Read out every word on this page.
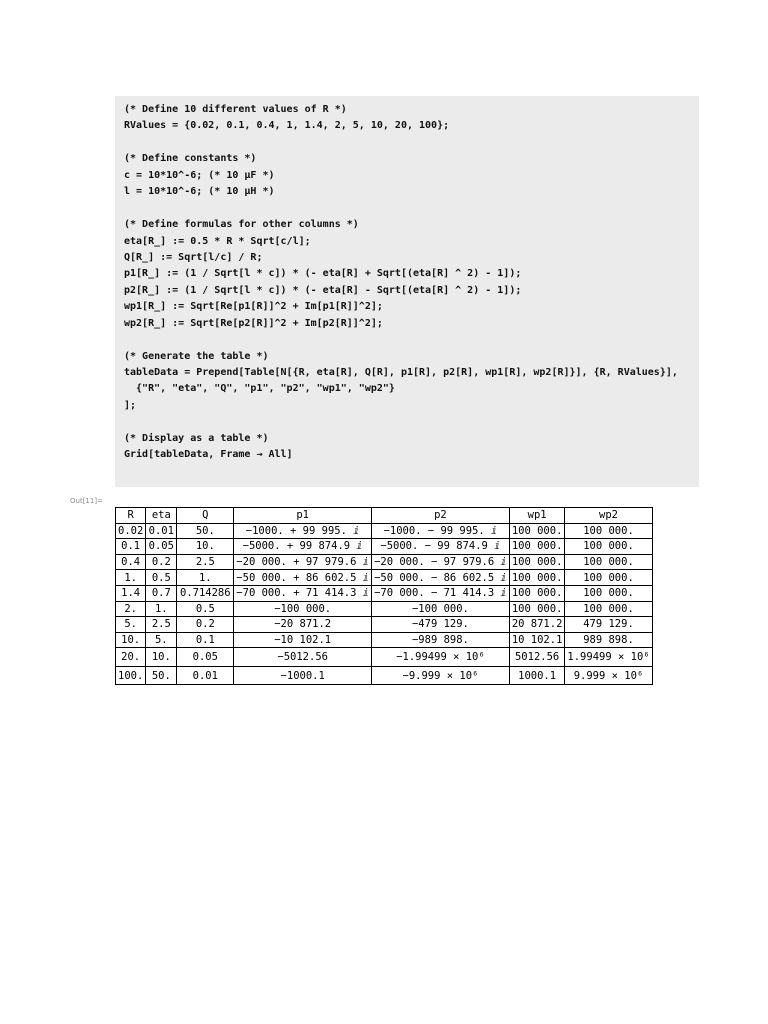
(* Define 10 different values of R *)
RValues = {0.02, 0.1, 0.4, 1, 1.4, 2, 5, 10, 20, 100};
(* Define constants *)
c = 10*10^-6; (* 10 µF *)
l = 10*10^-6; (* 10 µH *)
(* Define formulas for other columns *)
eta[R_] := 0.5 * R * Sqrt[c/l];
Q[R_] := Sqrt[l/c] / R;
p1[R_] := (1 / Sqrt[l * c]) * (- eta[R] + Sqrt[(eta[R] ^ 2) - 1]);
p2[R_] := (1 / Sqrt[l * c]) * (- eta[R] - Sqrt[(eta[R] ^ 2) - 1]);
wp1[R_] := Sqrt[Re[p1[R]]^2 + Im[p1[R]]^2];
wp2[R_] := Sqrt[Re[p2[R]]^2 + Im[p2[R]]^2];
(* Generate the table *)
tableData = Prepend[Table[N[{R, eta[R], Q[R], p1[R], p2[R], wp1[R], wp2[R]}], {R, RValues}],
{"R", "eta", "Q", "p1", "p2", "wp1", "wp2"}
];
(* Display as a table *)
Grid[tableData, Frame → All]
Out[11]=
R	eta	Q	p1	p2	wp1	wp2
0.02	0.01	50.	−1000. + 99 995. ⅈ	−1000. − 99 995. ⅈ	100 000.	100 000.
0.1	0.05	10.	−5000. + 99 874.9 ⅈ	−5000. − 99 874.9 ⅈ	100 000.	100 000.
0.4	0.2	2.5	−20 000. + 97 979.6 ⅈ	−20 000. − 97 979.6 ⅈ	100 000.	100 000.
1.	0.5	1.	−50 000. + 86 602.5 ⅈ	−50 000. − 86 602.5 ⅈ	100 000.	100 000.
1.4	0.7	0.714286	−70 000. + 71 414.3 ⅈ	−70 000. − 71 414.3 ⅈ	100 000.	100 000.
2.	1.	0.5	−100 000.	−100 000.	100 000.	100 000.
5.	2.5	0.2	−20 871.2	−479 129.	20 871.2	479 129.
10.	5.	0.1	−10 102.1	−989 898.	10 102.1	989 898.
20.	10.	0.05	−5012.56	−1.99499 × 10⁶	5012.56	1.99499 × 10⁶
100.	50.	0.01	−1000.1	−9.999 × 10⁶	1000.1	9.999 × 10⁶
